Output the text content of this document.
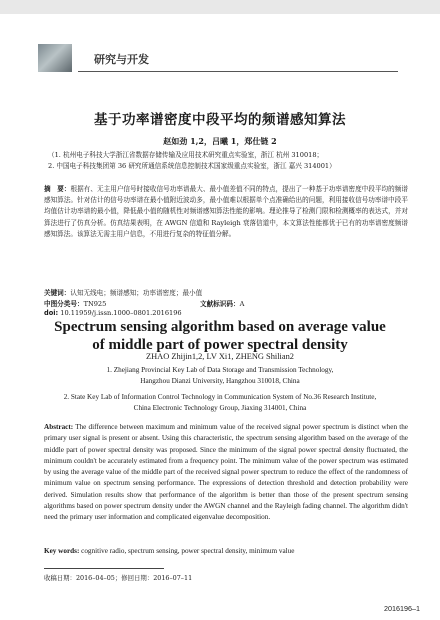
研究与开发
基于功率谱密度中段平均的频谱感知算法
赵如劲 1,2，吕曦 1，郑仕链 2
（1. 杭州电子科技大学浙江省数据存储传输及应用技术研究重点实验室，浙江 杭州 310018；
2. 中国电子科技集团第 36 研究所通信系统信息控制技术国家级重点实验室，浙江 嘉兴 314001）
摘　要：根据有、无主用户信号时接收信号功率谱最大、最小值差值不同的特点，提出了一种基于功率谱密度中段平均的频谱感知算法。针对估计的信号功率谱在最小值附近波动多，最小值难以根据单个点准确给出的问题，利用接收信号功率谱中段平均值估计功率谱的最小值，降低最小值的随机性对频谱感知算法性能的影响。理论推导了检测门限和检测概率的表达式，并对算法进行了仿真分析。仿真结果表明，在 AWGN 信道和 Rayleigh 衰落信道中，本文算法性能都优于已有的功率谱密度频谱感知算法。该算法无需主用户信息，不用进行复杂的特征值分解。
关键词：认知无线电；频谱感知；功率谱密度；最小值
中图分类号：TN925	文献标识码：A
doi: 10.11959/j.issn.1000–0801.2016196
Spectrum sensing algorithm based on average value
of middle part of power spectral density
ZHAO Zhijin1,2, LV Xi1, ZHENG Shilian2
1. Zhejiang Provincial Key Lab of Data Storage and Transmission Technology,
Hangzhou Dianzi University, Hangzhou 310018, China
2. State Key Lab of Information Control Technology in Communication System of No.36 Research Institute,
China Electronic Technology Group, Jiaxing 314001, China
Abstract: The difference between maximum and minimum value of the received signal power spectrum is distinct when the primary user signal is present or absent. Using this characteristic, the spectrum sensing algorithm based on the average of the middle part of power spectral density was proposed. Since the minimum of the signal power spectral density fluctuated, the minimum couldn't be accurately estimated from a frequency point. The minimum value of the power spectrum was estimated by using the average value of the middle part of the received signal power spectrum to reduce the effect of the randomness of minimum value on spectrum sensing performance. The expressions of detection threshold and detection probability were derived. Simulation results show that performance of the algorithm is better than those of the present spectrum sensing algorithms based on power spectrum density under the AWGN channel and the Rayleigh fading channel. The algorithm didn't need the primary user information and complicated eigenvalue decomposition.
Key words: cognitive radio, spectrum sensing, power spectral density, minimum value
收稿日期：2016–04–05；修回日期：2016–07–11
2016196–1
